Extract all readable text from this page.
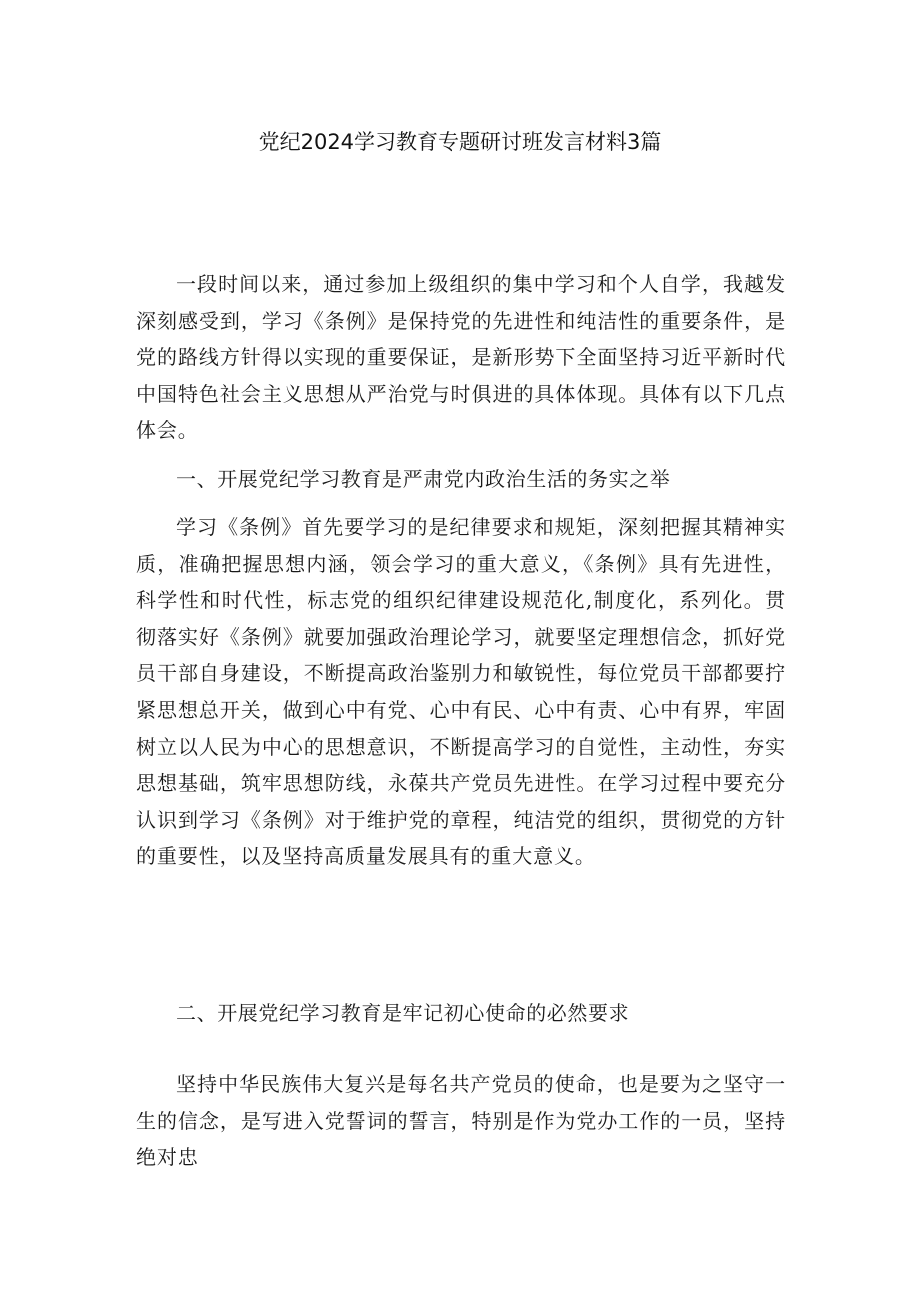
党纪2024学习教育专题研讨班发言材料3篇

一段时间以来，通过参加上级组织的集中学习和个人自学，我越发深刻感受到，学习《条例》是保持党的先进性和纯洁性的重要条件，是党的路线方针得以实现的重要保证，是新形势下全面坚持习近平新时代中国特色社会主义思想从严治党与时俱进的具体体现。具体有以下几点体会。

一、开展党纪学习教育是严肃党内政治生活的务实之举

学习《条例》首先要学习的是纪律要求和规矩，深刻把握其精神实质，准确把握思想内涵，领会学习的重大意义，《条例》具有先进性，科学性和时代性，标志党的组织纪律建设规范化,制度化，系列化。贯彻落实好《条例》就要加强政治理论学习，就要坚定理想信念，抓好党员干部自身建设，不断提高政治鉴别力和敏锐性，每位党员干部都要拧紧思想总开关，做到心中有党、心中有民、心中有责、心中有界，牢固树立以人民为中心的思想意识，不断提高学习的自觉性，主动性，夯实思想基础，筑牢思想防线，永葆共产党员先进性。在学习过程中要充分认识到学习《条例》对于维护党的章程，纯洁党的组织，贯彻党的方针的重要性，以及坚持高质量发展具有的重大意义。

二、开展党纪学习教育是牢记初心使命的必然要求

坚持中华民族伟大复兴是每名共产党员的使命，也是要为之坚守一生的信念，是写进入党誓词的誓言，特别是作为党办工作的一员，坚持绝对忠
